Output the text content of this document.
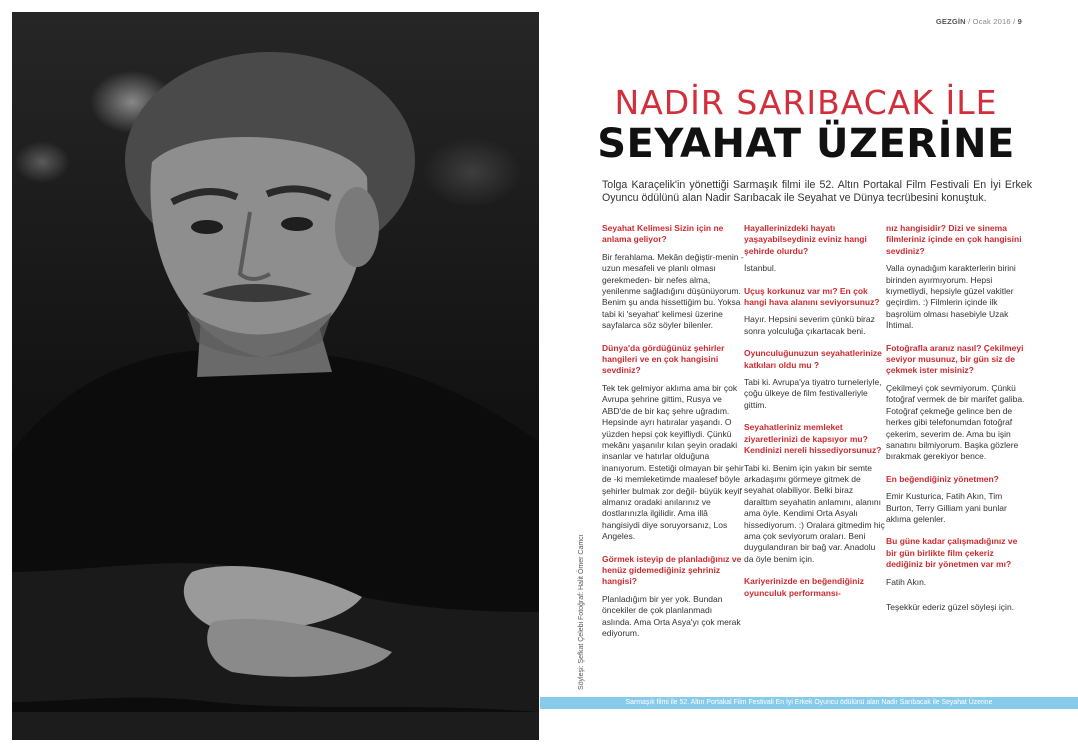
Söyleşi: Şefkat Çelebi Fotoğraf: Halit Ömer Camcı
GEZGİN / Ocak 2016 / 9
NADİR SARIBACAK İLE
SEYAHAT ÜZERİNE

Tolga Karaçelik'in yönettiği Sarmaşık filmi ile 52. Altın Portakal Film Festivali En İyi Erkek Oyuncu ödülünü alan Nadir Sarıbacak ile Seyahat ve Dünya tecrübesini konuştuk.

Seyahat Kelimesi Sizin için ne anlama geliyor?

Bir ferahlama. Mekân değiştir-menin -uzun mesafeli ve planlı olması gerekmeden- bir nefes alma, yenilenme sağladığını düşünüyorum. Benim şu anda hissettiğim bu. Yoksa tabi ki 'seyahat' kelimesi üzerine sayfalarca söz söyler bilenler.

Dünya'da gördüğünüz şehirler hangileri ve en çok hangisini sevdiniz?

Tek tek gelmiyor aklıma ama bir çok Avrupa şehrine gittim, Rusya ve ABD'de de bir kaç şehre uğradım. Hepsinde ayrı hatıralar yaşandı. O yüzden hepsi çok keyifliydi. Çünkü mekânı yaşanılır kılan şeyin oradaki insanlar ve hatırlar olduğuna inanıyorum. Estetiği olmayan bir şehir de -ki memleketimde maalesef böyle şehirler bulmak zor değil- büyük keyif almanız oradaki anılarınız ve dostlarınızla ilgilidir. Ama illâ hangisiydi diye soruyorsanız, Los Angeles.

Görmek isteyip de planladığınız ve henüz gidemediğiniz şehriniz hangisi?

Planladığım bir yer yok. Bundan öncekiler de çok planlanmadı aslında. Ama Orta Asya'yı çok merak ediyorum.

Hayallerinizdeki hayatı yaşayabilseydiniz eviniz hangi şehirde olurdu?

İstanbul.

Uçuş korkunuz var mı? En çok hangi hava alanını seviyorsunuz?

Hayır. Hepsini severim çünkü biraz sonra yolculuğa çıkartacak beni.

Oyunculuğunuzun seyahatlerinize katkıları oldu mu ?

Tabi ki. Avrupa'ya tiyatro turneleriyle, çoğu ülkeye de film festivalleriyle gittim.

Seyahatleriniz memleket ziyaretlerinizi de kapsıyor mu? Kendinizi nereli hissediyorsunuz?

Tabi ki. Benim için yakın bir semte arkadaşımı görmeye gitmek de seyahat olabiliyor. Belki biraz daralttım seyahatin anlamını, alanını ama öyle. Kendimi Orta Asyalı hissediyorum. :) Oralara gitmedim hiç ama çok seviyorum oraları. Beni duygulandıran bir bağ var. Anadolu da öyle benim için.

Kariyerinizde en beğendiğiniz oyunculuk performansı-

nız hangisidir? Dizi ve sinema filmleriniz içinde en çok hangisini sevdiniz?

Valla oynadığım karakterlerin birini birinden ayırmıyorum. Hepsi kıymetliydi, hepsiyle güzel vakitler geçirdim. :) Filmlerin içinde ilk başrolüm olması hasebiyle Uzak İhtimal.

Fotoğrafla aranız nasıl? Çekilmeyi seviyor musunuz, bir gün siz de çekmek ister misiniz?

Çekilmeyi çok sevmiyorum. Çünkü fotoğraf vermek de bir marifet galiba. Fotoğraf çekmeğe gelince ben de herkes gibi telefonumdan fotoğraf çekerim, severim de. Ama bu işin sanatını bilmiyorum. Başka gözlere bırakmak gerekiyor bence.

En beğendiğiniz yönetmen?

Emir Kusturica, Fatih Akın, Tim Burton, Terry Gilliam yani bunlar aklıma gelenler.

Bu güne kadar çalışmadığınız ve bir gün birlikte film çekeriz dediğiniz bir yönetmen var mı?

Fatih Akın.

Teşekkür ederiz güzel söyleşi için.

Sarmaşık filmi ile 52. Altın Portakal Film Festivali En İyi Erkek Oyuncu ödülünü alan Nadir Sarıbacak ile Seyahat Üzerine
